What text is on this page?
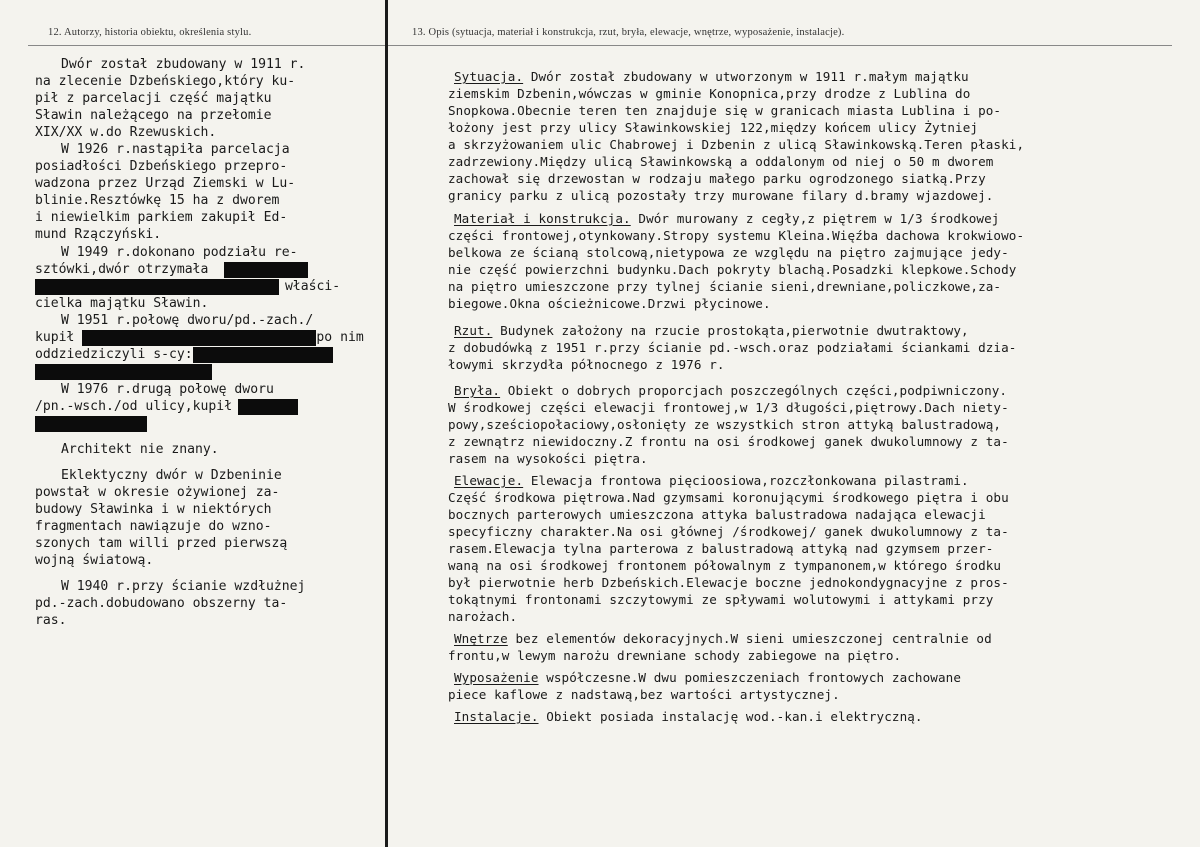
12. Autorzy, historia obiektu, określenia stylu.	13. Opis (sytuacja, materiał i konstrukcja, rzut, bryła, elewacje, wnętrze, wyposażenie, instalacje).
Dwór został zbudowany w 1911 r.
na zlecenie Dzbeńskiego,który ku-
pił z parcelacji część majątku
Sławin należącego na przełomie
XIX/XX w.do Rzewuskich.
W 1926 r.nastąpiła parcelacja
posiadłości Dzbeńskiego przepro-
wadzona przez Urząd Ziemski w Lu-
blinie.Resztówkę 15 ha z dworem
i niewielkim parkiem zakupił Ed-
mund Rzączyński.
W 1949 r.dokonano podziału re-
sztówki,dwór otrzymała
właści-
cielka majątku Sławin.
W 1951 r.połowę dworu/pd.-zach./
kupił	po nim
oddziedziczyli s-cy:
W 1976 r.drugą połowę dworu
/pn.-wsch./od ulicy,kupił
Architekt nie znany.
Eklektyczny dwór w Dzbeninie
powstał w okresie ożywionej za-
budowy Sławinka i w niektórych
fragmentach nawiązuje do wzno-
szonych tam willi przed pierwszą
wojną światową.
W 1940 r.przy ścianie wzdłużnej
pd.-zach.dobudowano obszerny ta-
ras.
Sytuacja. Dwór został zbudowany w utworzonym w 1911 r.małym majątku
ziemskim Dzbenin,wówczas w gminie Konopnica,przy drodze z Lublina do
Snopkowa.Obecnie teren ten znajduje się w granicach miasta Lublina i po-
łożony jest przy ulicy Sławinkowskiej 122,między końcem ulicy Żytniej
a skrzyżowaniem ulic Chabrowej i Dzbenin z ulicą Sławinkowską.Teren płaski,
zadrzewiony.Między ulicą Sławinkowską a oddalonym od niej o 50 m dworem
zachował się drzewostan w rodzaju małego parku ogrodzonego siatką.Przy
granicy parku z ulicą pozostały trzy murowane filary d.bramy wjazdowej.
Materiał i konstrukcja. Dwór murowany z cegły,z piętrem w 1/3 środkowej
części frontowej,otynkowany.Stropy systemu Kleina.Więźba dachowa krokwiowo-
belkowa ze ścianą stolcową,nietypowa ze względu na piętro zajmujące jedy-
nie część powierzchni budynku.Dach pokryty blachą.Posadzki klepkowe.Schody
na piętro umieszczone przy tylnej ścianie sieni,drewniane,policzkowe,za-
biegowe.Okna ościeżnicowe.Drzwi płycinowe.
Rzut. Budynek założony na rzucie prostokąta,pierwotnie dwutraktowy,
z dobudówką z 1951 r.przy ścianie pd.-wsch.oraz podziałami ściankami dzia-
łowymi skrzydła północnego z 1976 r.
Bryła. Obiekt o dobrych proporcjach poszczególnych części,podpiwniczony.
W środkowej części elewacji frontowej,w 1/3 długości,piętrowy.Dach niety-
powy,sześciopołaciowy,osłonięty ze wszystkich stron attyką balustradową,
z zewnątrz niewidoczny.Z frontu na osi środkowej ganek dwukolumnowy z ta-
rasem na wysokości piętra.
Elewacje. Elewacja frontowa pięcioosiowa,rozczłonkowana pilastrami.
Część środkowa piętrowa.Nad gzymsami koronującymi środkowego piętra i obu
bocznych parterowych umieszczona attyka balustradowa nadająca elewacji
specyficzny charakter.Na osi głównej /środkowej/ ganek dwukolumnowy z ta-
rasem.Elewacja tylna parterowa z balustradową attyką nad gzymsem przer-
waną na osi środkowej frontonem półowalnym z tympanonem,w którego środku
był pierwotnie herb Dzbeńskich.Elewacje boczne jednokondygnacyjne z pros-
tokątnymi frontonami szczytowymi ze spływami wolutowymi i attykami przy
narożach.
Wnętrze bez elementów dekoracyjnych.W sieni umieszczonej centralnie od
frontu,w lewym narożu drewniane schody zabiegowe na piętro.
Wyposażenie współczesne.W dwu pomieszczeniach frontowych zachowane
piece kaflowe z nadstawą,bez wartości artystycznej.
Instalacje. Obiekt posiada instalację wod.-kan.i elektryczną.
